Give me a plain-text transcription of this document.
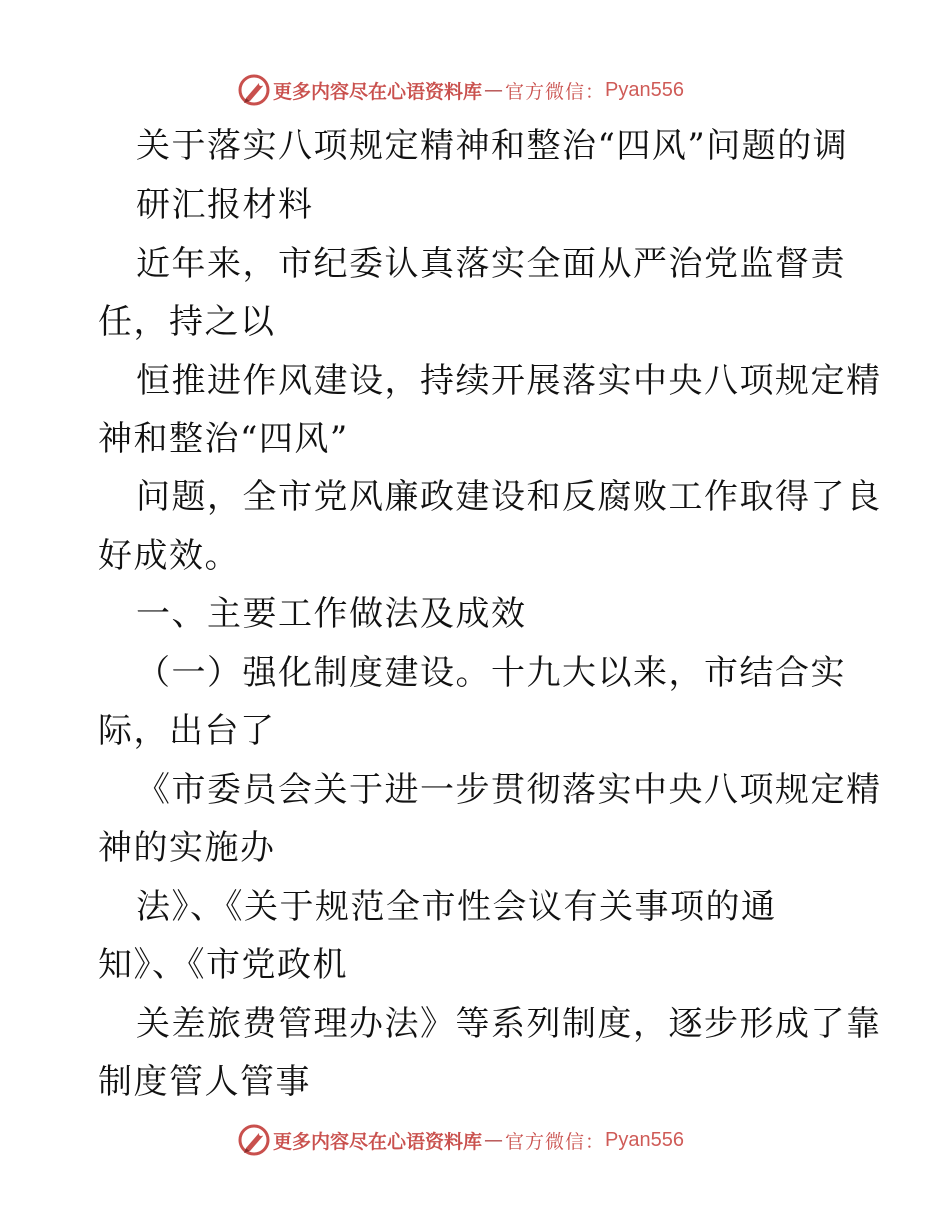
更多内容尽在心语资料库 — 官方微信： Pyan556
关于落实八项规定精神和整治“四风”问题的调
研汇报材料
近年来，市纪委认真落实全面从严治党监督责
任，持之以
恒推进作风建设，持续开展落实中央八项规定精
神和整治“四风”
问题，全市党风廉政建设和反腐败工作取得了良
好成效。
一、主要工作做法及成效
（一）强化制度建设。十九大以来，市结合实
际，出台了
《市委员会关于进一步贯彻落实中央八项规定精
神的实施办
法》、《关于规范全市性会议有关事项的通
知》、《市党政机
关差旅费管理办法》等系列制度，逐步形成了靠
制度管人管事
更多内容尽在心语资料库 — 官方微信： Pyan556
